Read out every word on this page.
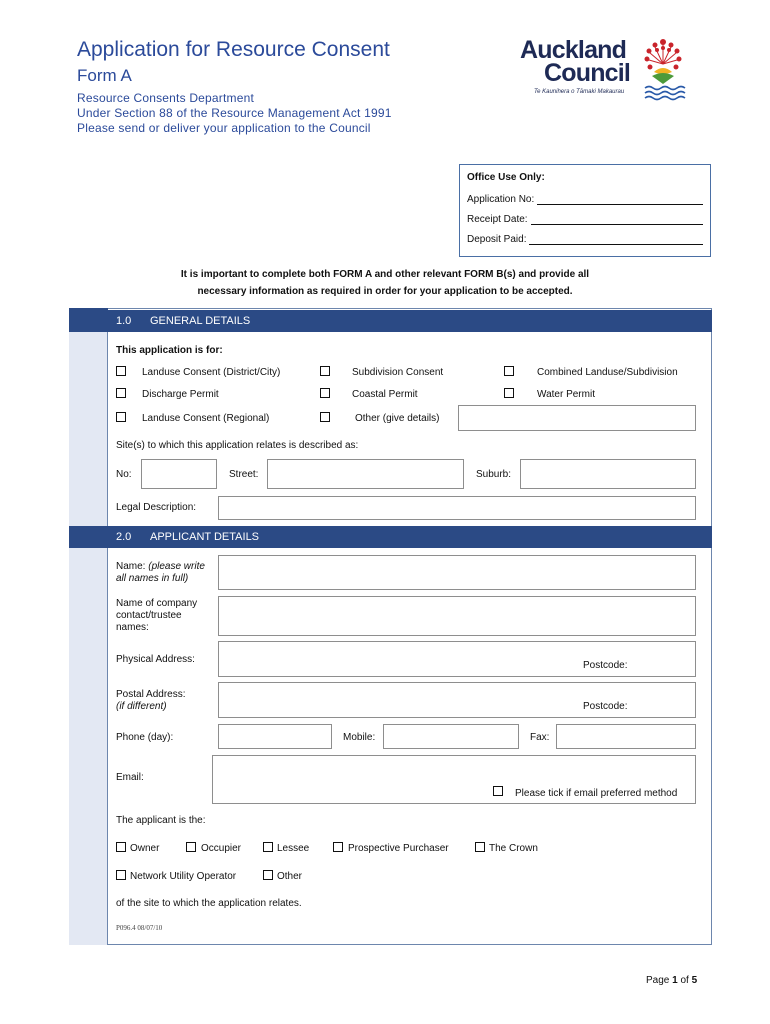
Application for Resource Consent
Form A
Resource Consents Department
Under Section 88 of the Resource Management Act 1991
Please send or deliver your application to the Council
Auckland
Council
Te Kaunihera o Tāmaki Makaurau
Office Use Only:
Application No:
Receipt Date:
Deposit Paid:
It is important to complete both FORM A and other relevant FORM B(s) and provide all
necessary information as required in order for your application to be accepted.
1.0	GENERAL DETAILS
This application is for:
Landuse Consent (District/City)	Subdivision Consent	Combined Landuse/Subdivision
Discharge Permit	Coastal Permit	Water Permit
Landuse Consent (Regional)	Other (give details)
Site(s) to which this application relates is described as:
No:	Street:	Suburb:
Legal Description:
2.0	APPLICANT DETAILS
Name: (please write
all names in full)
Name of company
contact/trustee
names:
Physical Address:
Postcode:
Postal Address:
(if different)	Postcode:
Phone (day):	Mobile:	Fax:
Email:
Please tick if email preferred method
The applicant is the:
Owner	Occupier	Lessee	Prospective Purchaser	The Crown
Network Utility Operator	Other
of the site to which the application relates.
P096.4 08/07/10
Page 1 of 5
